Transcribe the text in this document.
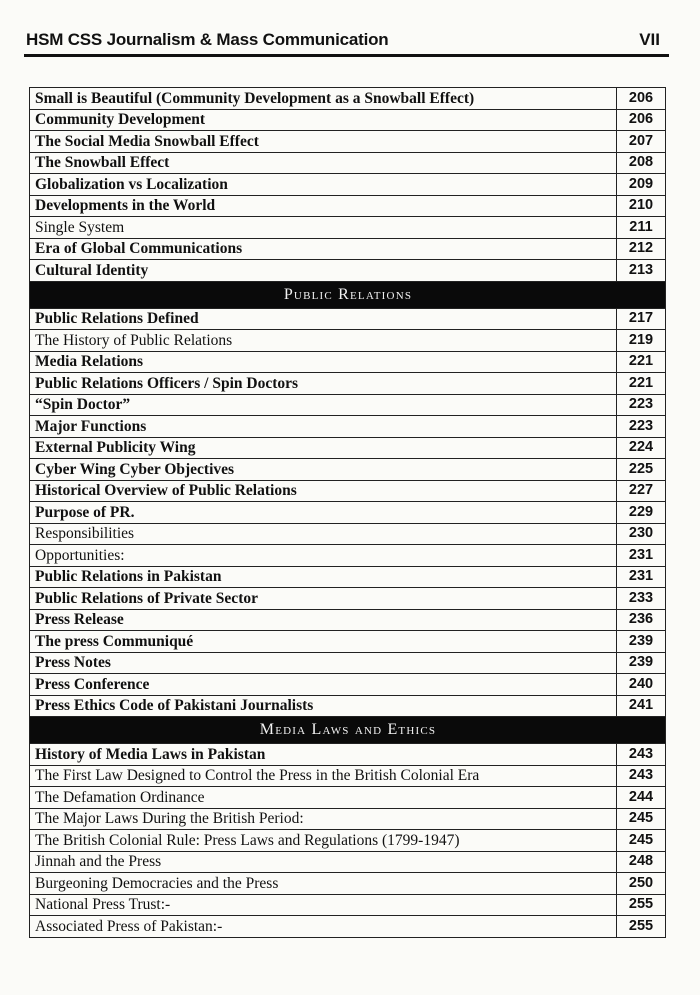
HSM CSS Journalism & Mass Communication	VII
Small is Beautiful (Community Development as a Snowball Effect)	206
Community Development	206
The Social Media Snowball Effect	207
The Snowball Effect	208
Globalization vs Localization	209
Developments in the World	210
Single System	211
Era of Global Communications	212
Cultural Identity	213
Public Relations	
Public Relations Defined	217
The History of Public Relations	219
Media Relations	221
Public Relations Officers / Spin Doctors	221
“Spin Doctor”	223
Major Functions	223
External Publicity Wing	224
Cyber Wing Cyber Objectives	225
Historical Overview of Public Relations	227
Purpose of PR.	229
Responsibilities	230
Opportunities:	231
Public Relations in Pakistan	231
Public Relations of Private Sector	233
Press Release	236
The press Communiqué	239
Press Notes	239
Press Conference	240
Press Ethics Code of Pakistani Journalists	241
Media Laws and Ethics	
History of Media Laws in Pakistan	243
The First Law Designed to Control the Press in the British Colonial Era	243
The Defamation Ordinance	244
The Major Laws During the British Period:	245
The British Colonial Rule: Press Laws and Regulations (1799-1947)	245
Jinnah and the Press	248
Burgeoning Democracies and the Press	250
National Press Trust:-	255
Associated Press of Pakistan:-	255
